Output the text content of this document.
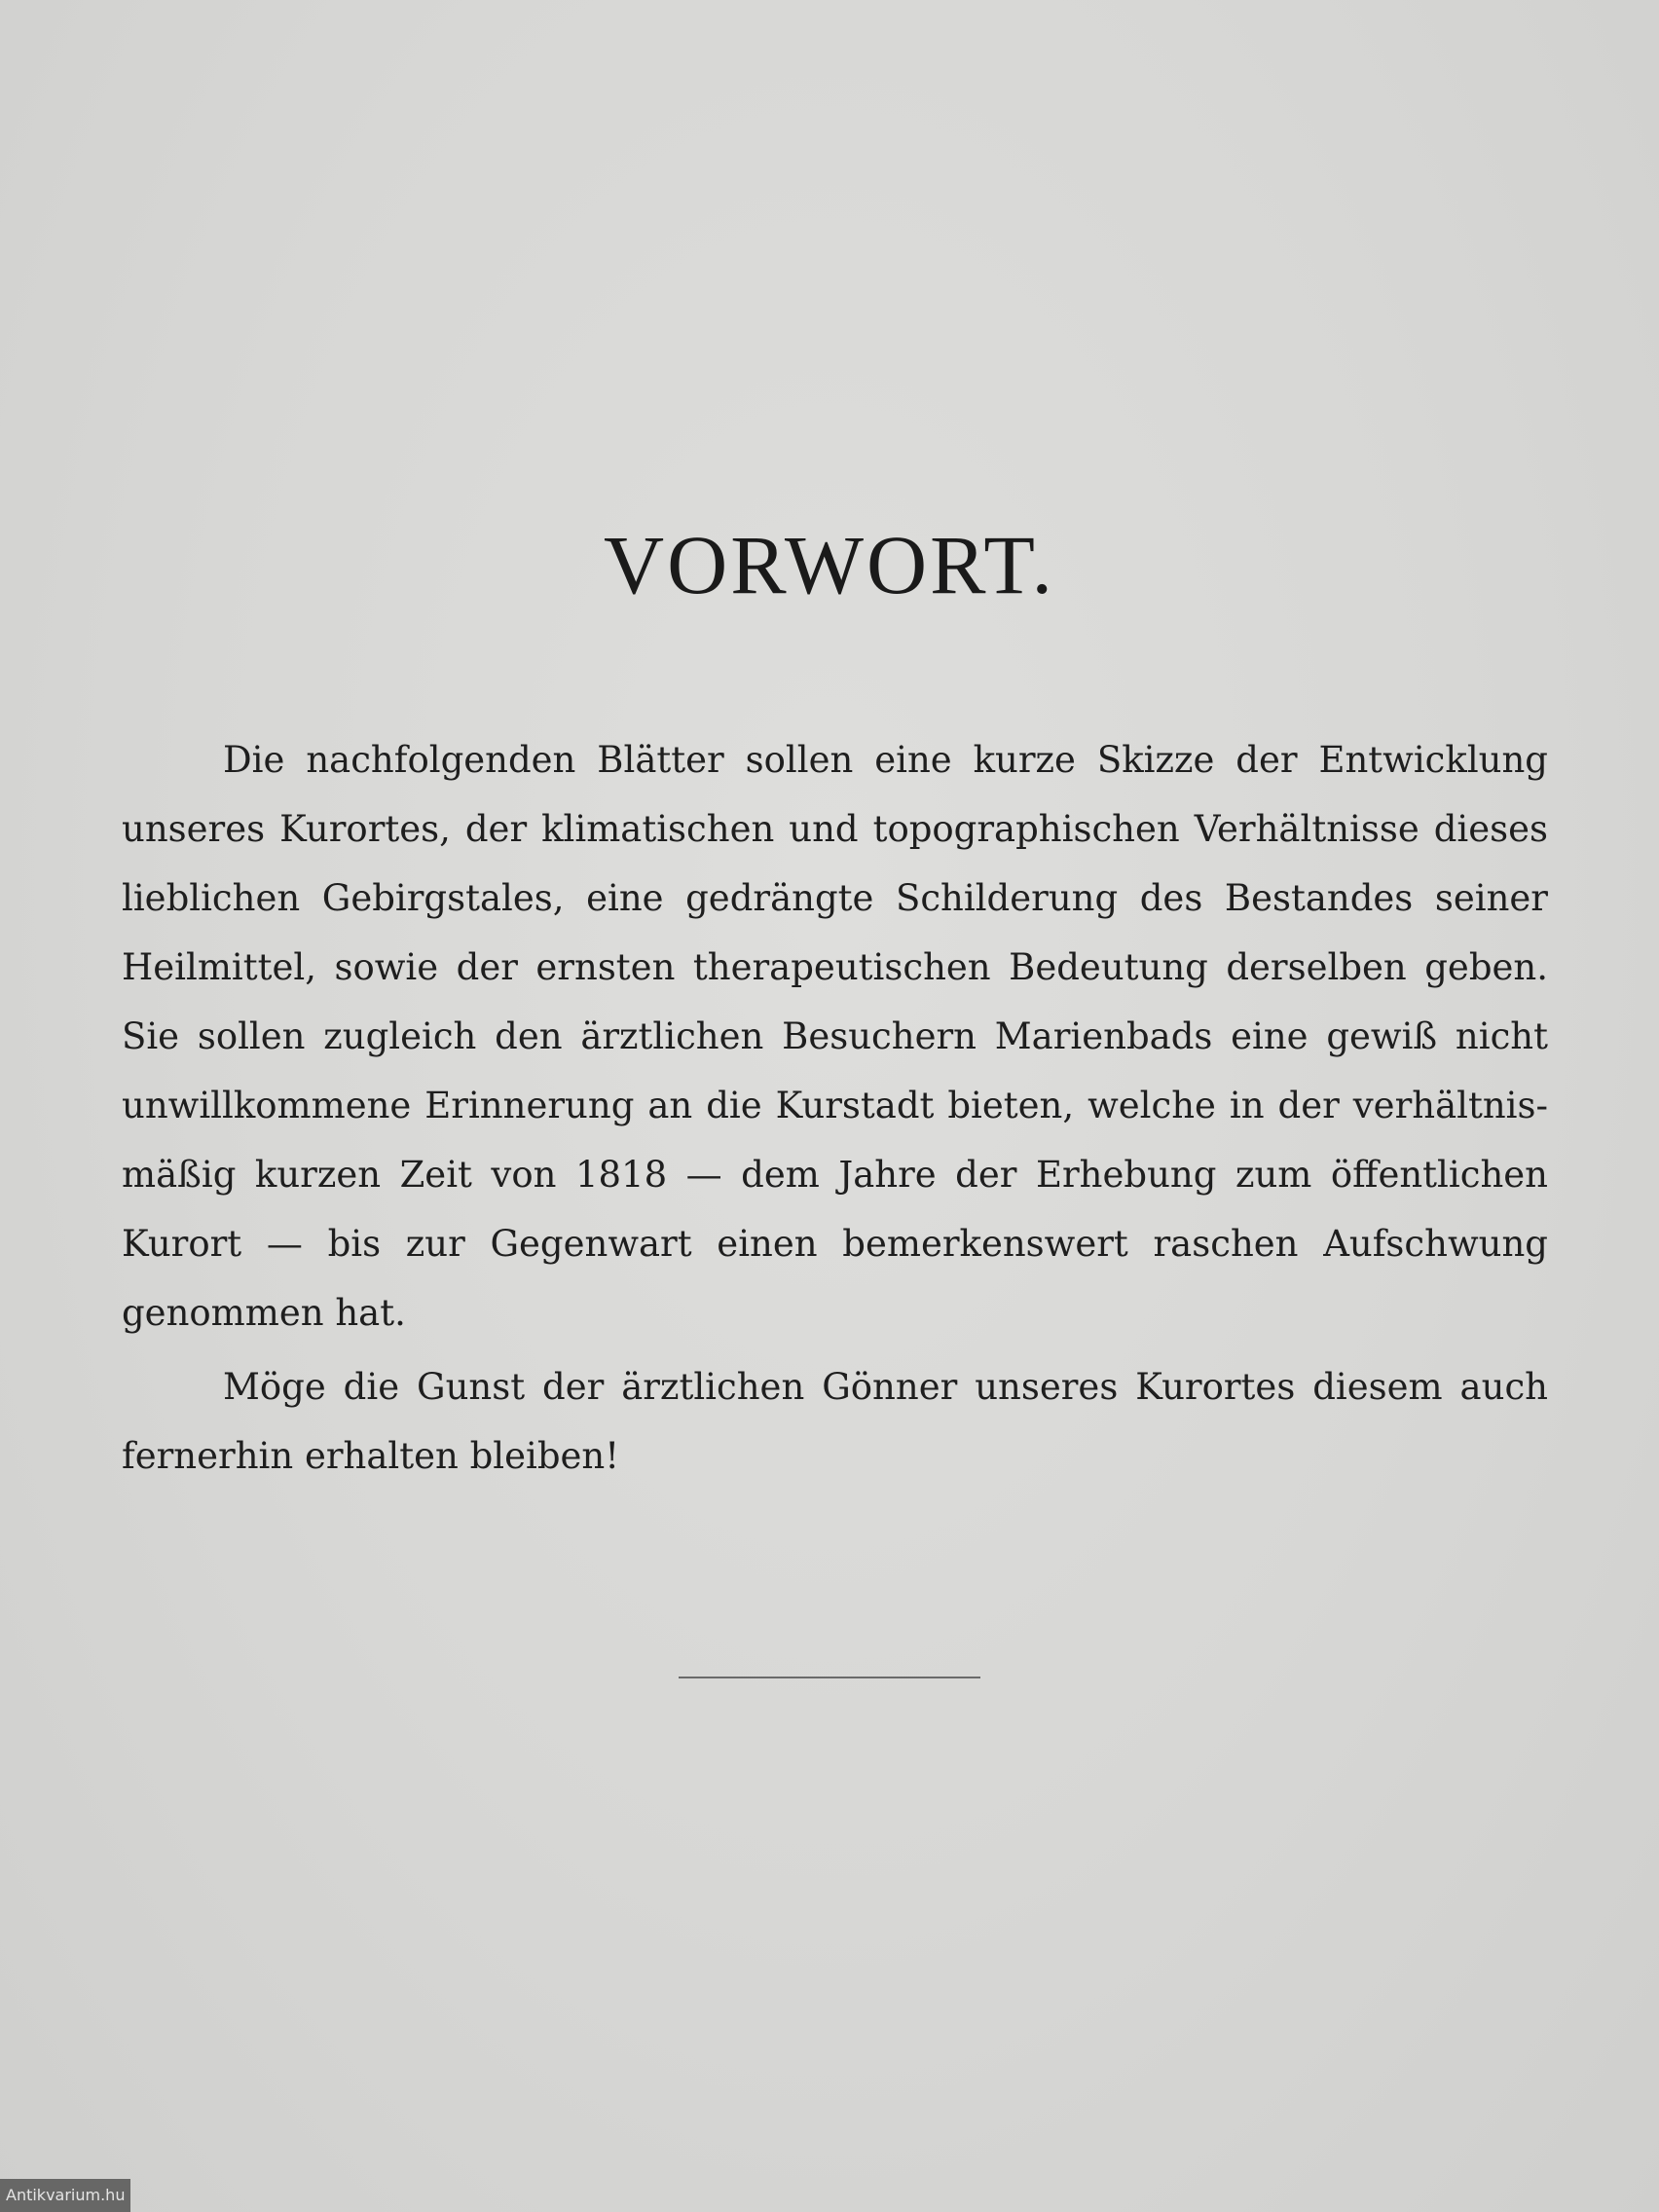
VORWORT.

Die nachfolgenden Blätter sollen eine kurze Skizze der Entwicklung unseres Kurortes, der klimatischen und topographischen Verhältnisse dieses lieblichen Gebirgstales, eine gedrängte Schilderung des Bestandes seiner Heilmittel, sowie der ernsten therapeutischen Bedeutung derselben geben. Sie sollen zugleich den ärztlichen Besuchern Marienbads eine gewiß nicht unwillkommene Erinnerung an die Kurstadt bieten, welche in der verhältnis-mäßig kurzen Zeit von 1818 — dem Jahre der Erhebung zum öffentlichen Kurort — bis zur Gegenwart einen bemerkenswert raschen Aufschwung genommen hat.

Möge die Gunst der ärztlichen Gönner unseres Kurortes diesem auch fernerhin erhalten bleiben!

Antikvarium.hu
